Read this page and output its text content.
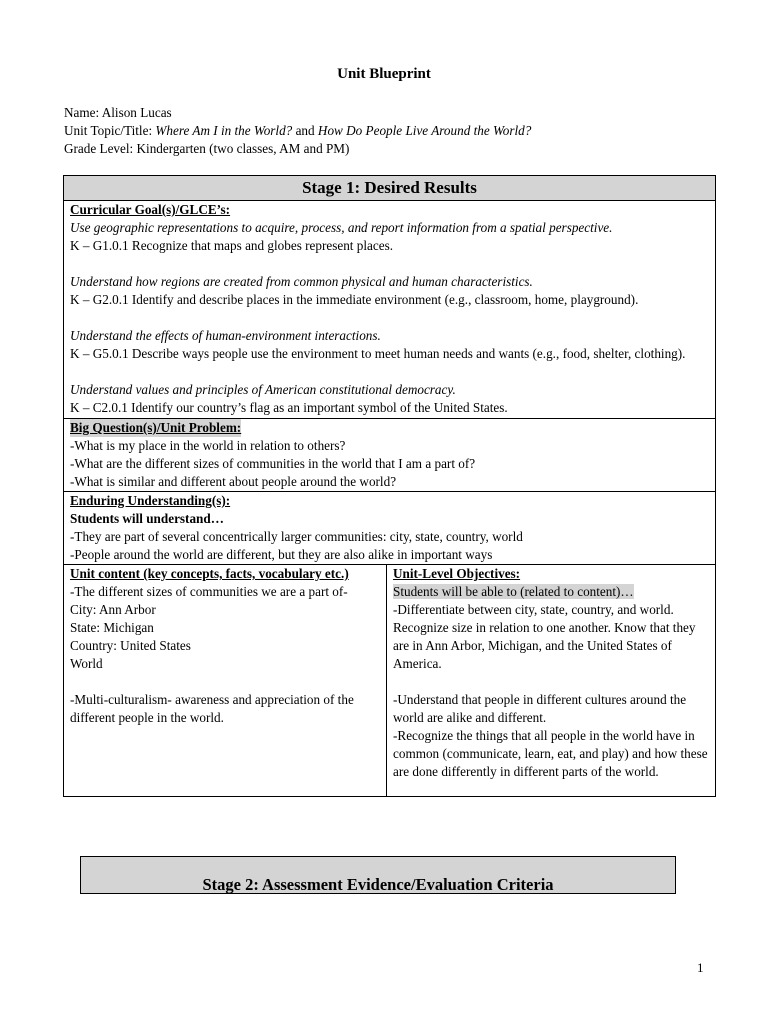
Unit Blueprint
Name: Alison Lucas
Unit Topic/Title: Where Am I in the World? and How Do People Live Around the World?
Grade Level: Kindergarten (two classes, AM and PM)
Stage 1: Desired Results

Curricular Goal(s)/GLCE’s:
Use geographic representations to acquire, process, and report information from a spatial perspective.
K – G1.0.1 Recognize that maps and globes represent places.
Understand how regions are created from common physical and human characteristics.
K – G2.0.1 Identify and describe places in the immediate environment (e.g., classroom, home, playground).
Understand the effects of human-environment interactions.
K – G5.0.1 Describe ways people use the environment to meet human needs and wants (e.g., food, shelter, clothing).
Understand values and principles of American constitutional democracy.
K – C2.0.1 Identify our country’s flag as an important symbol of the United States.

Big Question(s)/Unit Problem:
-What is my place in the world in relation to others?
-What are the different sizes of communities in the world that I am a part of?
-What is similar and different about people around the world?

Enduring Understanding(s):
Students will understand…
-They are part of several concentrically larger communities: city, state, country, world
-People around the world are different, but they are also alike in important ways

Unit content (key concepts, facts, vocabulary etc.)
-The different sizes of communities we are a part of-
City: Ann Arbor
State: Michigan
Country: United States
World
-Multi-culturalism- awareness and appreciation of the different people in the world.

Unit-Level Objectives:
Students will be able to (related to content)…
-Differentiate between city, state, country, and world. Recognize size in relation to one another. Know that they are in Ann Arbor, Michigan, and the United States of America.
-Understand that people in different cultures around the world are alike and different.
-Recognize the things that all people in the world have in common (communicate, learn, eat, and play) and how these are done differently in different parts of the world.
Stage 2: Assessment Evidence/Evaluation Criteria
1
